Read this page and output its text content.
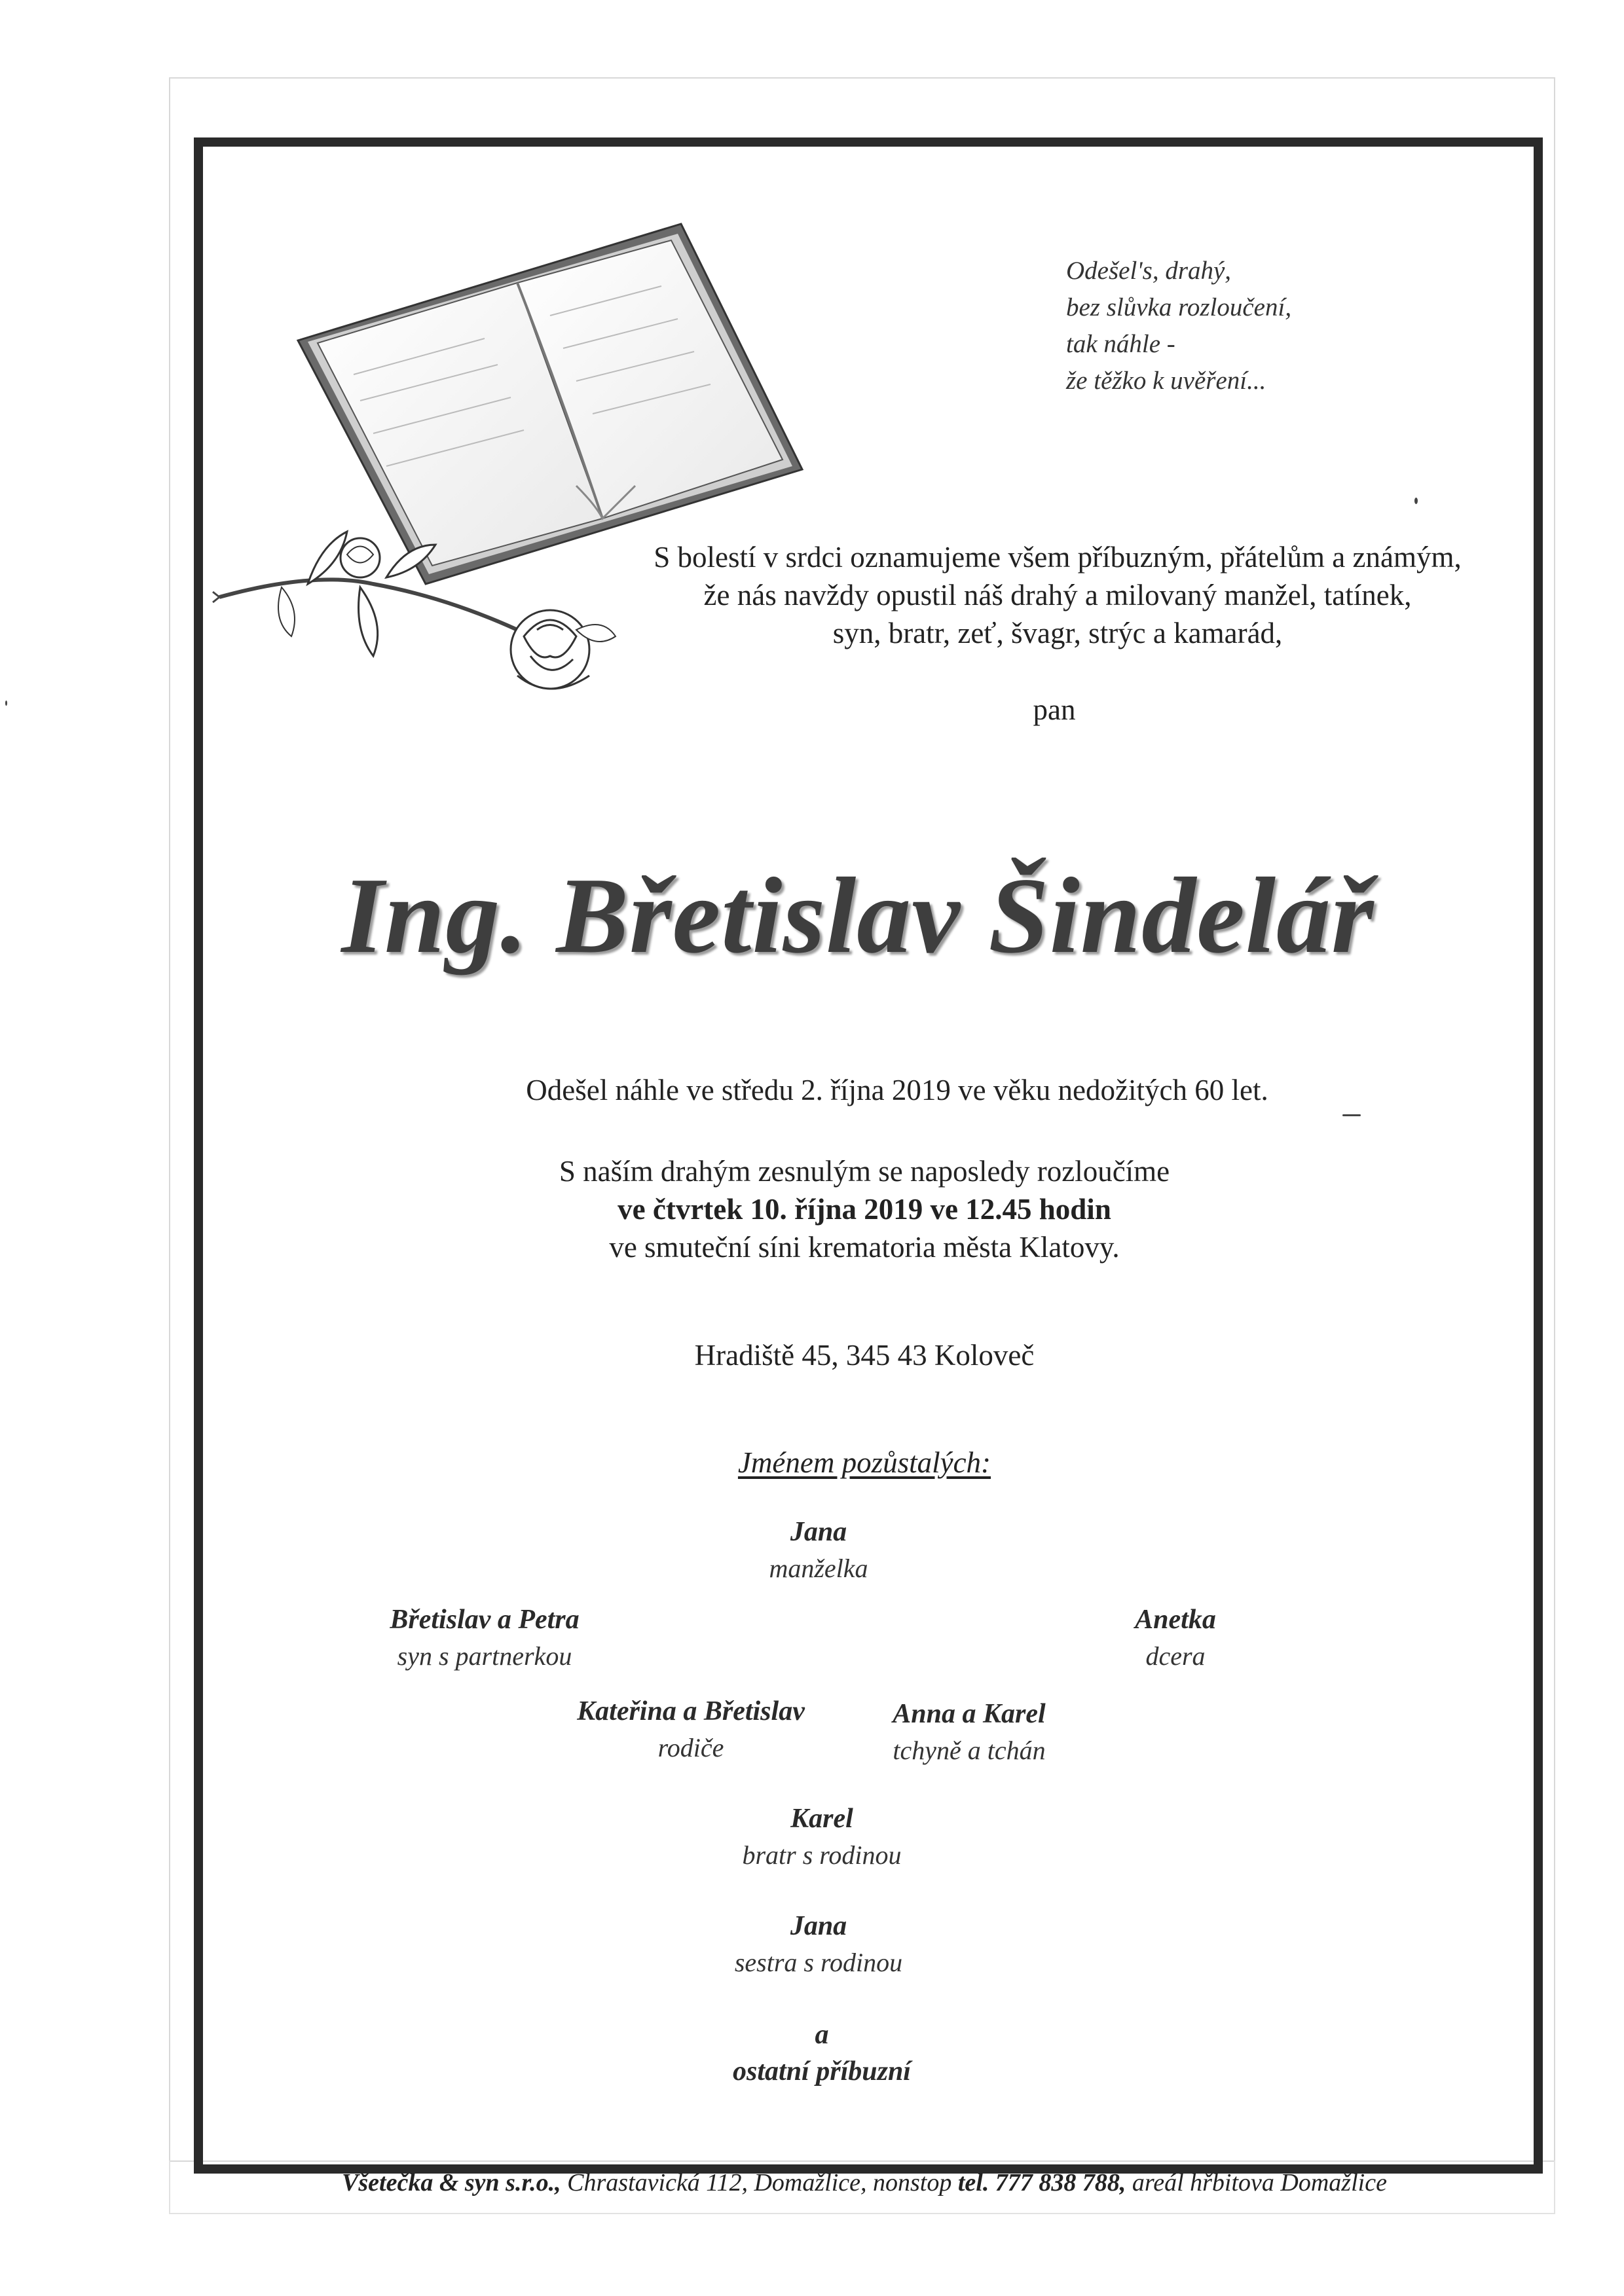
Odešel's, drahý,
bez slůvka rozloučení,
tak náhle -
že těžko k uvěření...
S bolestí v srdci oznamujeme všem příbuzným, přátelům a známým,
že nás navždy opustil náš drahý a milovaný manžel, tatínek,
syn, bratr, zeť, švagr, strýc a kamarád,
pan
Ing. Břetislav Šindelář
Odešel náhle ve středu 2. října 2019 ve věku nedožitých 60 let.
S naším drahým zesnulým se naposledy rozloučíme
ve čtvrtek 10. října 2019 ve 12.45 hodin
ve smuteční síni krematoria města Klatovy.
Hradiště 45, 345 43 Koloveč
Jménem pozůstalých:
Jana
manželka
Břetislav a Petra
syn s partnerkou
Anetka
dcera
Kateřina a Břetislav
rodiče
Anna a Karel
tchyně a tchán
Karel
bratr s rodinou
Jana
sestra s rodinou
a
ostatní příbuzní
Všetečka & syn s.r.o., Chrastavická 112, Domažlice, nonstop tel. 777 838 788, areál hřbitova Domažlice
